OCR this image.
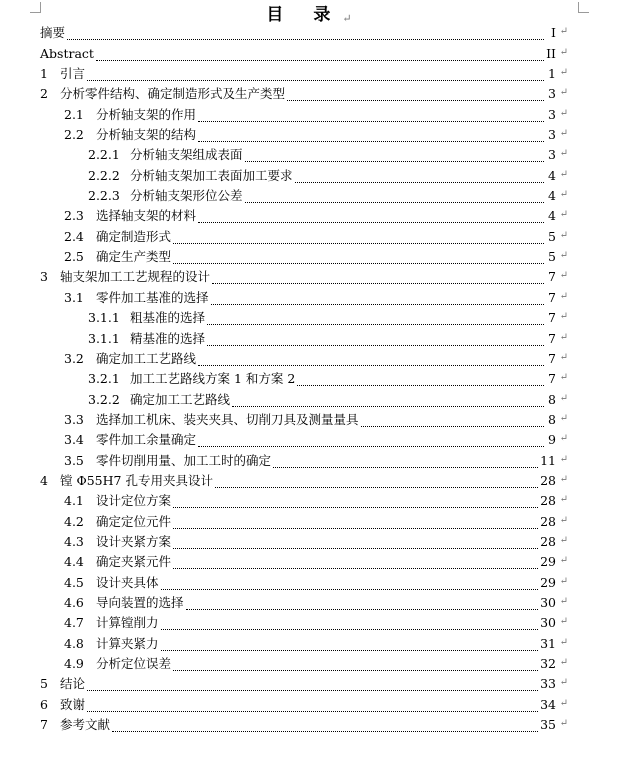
目 录↵
摘要	I ↵
Abstract	II ↵
1 引言	1 ↵
2 分析零件结构、确定制造形式及生产类型	3 ↵
2.1 分析轴支架的作用	3 ↵
2.2 分析轴支架的结构	3 ↵
2.2.1 分析轴支架组成表面	3 ↵
2.2.2 分析轴支架加工表面加工要求	4 ↵
2.2.3 分析轴支架形位公差	4 ↵
2.3 选择轴支架的材料	4 ↵
2.4 确定制造形式	5 ↵
2.5 确定生产类型	5 ↵
3 轴支架加工工艺规程的设计	7 ↵
3.1 零件加工基准的选择	7 ↵
3.1.1 粗基准的选择	7 ↵
3.1.1 精基准的选择	7 ↵
3.2 确定加工工艺路线	7 ↵
3.2.1 加工工艺路线方案 1 和方案 2	7 ↵
3.2.2 确定加工工艺路线	8 ↵
3.3 选择加工机床、装夹夹具、切削刀具及测量量具	8 ↵
3.4 零件加工余量确定	9 ↵
3.5 零件切削用量、加工工时的确定	11 ↵
4 镗 Φ55H7 孔专用夹具设计	28 ↵
4.1 设计定位方案	28 ↵
4.2 确定定位元件	28 ↵
4.3 设计夹紧方案	28 ↵
4.4 确定夹紧元件	29 ↵
4.5 设计夹具体	29 ↵
4.6 导向装置的选择	30 ↵
4.7 计算镗削力	30 ↵
4.8 计算夹紧力	31 ↵
4.9 分析定位误差	32 ↵
5 结论	33 ↵
6 致谢	34 ↵
7 参考文献	35 ↵
